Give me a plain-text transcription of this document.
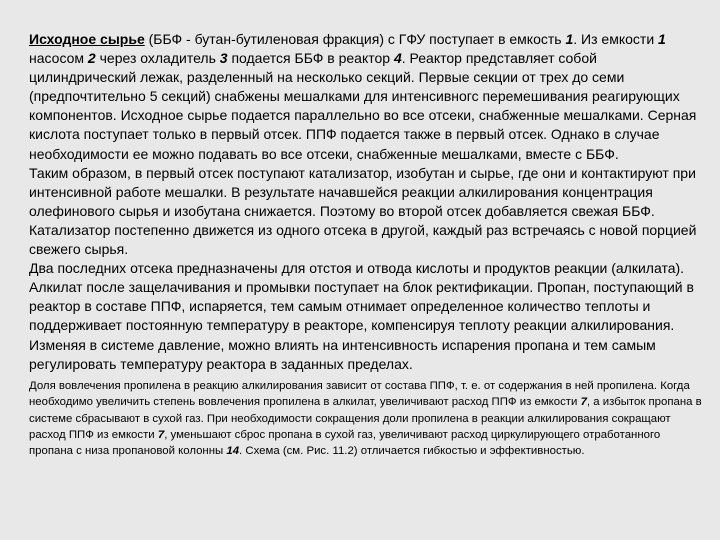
Исходное сырье (ББФ - бутан-бутиленовая фракция) с ГФУ поступает в емкость 1. Из емкости 1 насосом 2 через охладитель 3 подается ББФ в реактор 4. Реактор представляет собой цилиндрический лежак, разделенный на несколько секций. Первые секции от трех до семи (предпочтительно 5 секций) снабжены мешалками для интенсивногс перемешивания реагирующих компонентов. Исходное сырье подается параллельно во все отсеки, снабженные мешалками. Серная кислота поступает только в первый отсек. ППФ подается также в первый отсек. Однако в случае необходимости ее можно подавать во все отсеки, снабженные мешалками, вместе с ББФ.

Таким образом, в первый отсек поступают катализатор, изобутан и сырье, где они и контактируют при интенсивной работе мешалки. В результате начавшейся реакции алкилирования концентрация олефинового сырья и изобутана снижается. Поэтому во второй отсек добавляется свежая ББФ. Катализатор постепенно движется из одного отсека в другой, каждый раз встречаясь с новой порцией свежего сырья.

Два последних отсека предназначены для отстоя и отвода кислоты и продуктов реакции (алкилата). Алкилат после защелачивания и промывки поступает на блок ректификации. Пропан, поступающий в реактор в составе ППФ, испаряется, тем самым отнимает определенное количество теплоты и поддерживает постоянную температуру в реакторе, компенсируя теплоту реакции алкилирования. Изменяя в системе давление, можно влиять на интенсивность испарения пропана и тем самым регулировать температуру реактора в заданных пределах.

Доля вовлечения пропилена в реакцию алкилирования зависит от состава ППФ, т. е. от содержания в ней пропилена. Когда необходимо увеличить степень вовлечения пропилена в алкилат, увеличивают расход ППФ из емкости 7, а избыток пропана в системе сбрасывают в сухой газ. При необходимости сокращения доли пропилена в реакции алкилирования сокращают расход ППФ из емкости 7, уменьшают сброс пропана в сухой газ, увеличивают расход циркулирующего отработанного пропана с низа пропановой колонны 14. Схема (см. Рис. 11.2) отличается гибкостью и эффективностью.
